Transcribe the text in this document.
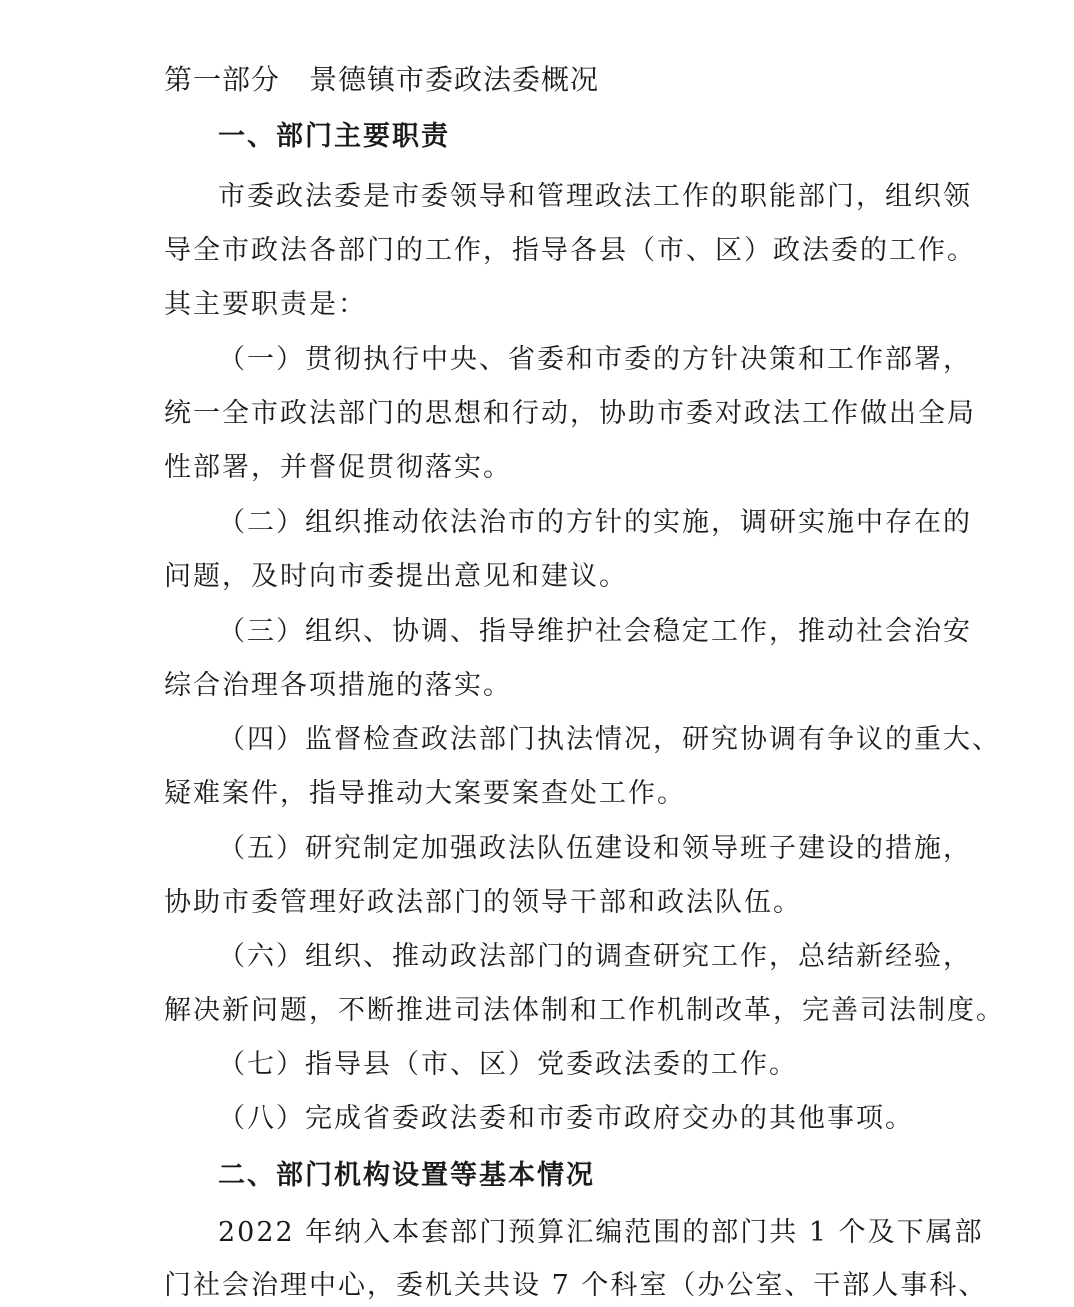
第一部分　景德镇市委政法委概况
一、部门主要职责
市委政法委是市委领导和管理政法工作的职能部门，组织领
导全市政法各部门的工作，指导各县（市、区）政法委的工作。
其主要职责是：
（一）贯彻执行中央、省委和市委的方针决策和工作部署，
统一全市政法部门的思想和行动，协助市委对政法工作做出全局
性部署，并督促贯彻落实。
（二）组织推动依法治市的方针的实施，调研实施中存在的
问题，及时向市委提出意见和建议。
（三）组织、协调、指导维护社会稳定工作，推动社会治安
综合治理各项措施的落实。
（四）监督检查政法部门执法情况，研究协调有争议的重大、
疑难案件，指导推动大案要案查处工作。
（五）研究制定加强政法队伍建设和领导班子建设的措施，
协助市委管理好政法部门的领导干部和政法队伍。
（六）组织、推动政法部门的调查研究工作，总结新经验，
解决新问题，不断推进司法体制和工作机制改革，完善司法制度。
（七）指导县（市、区）党委政法委的工作。
（八）完成省委政法委和市委市政府交办的其他事项。
二、部门机构设置等基本情况
2022 年纳入本套部门预算汇编范围的部门共 1 个及下属部
门社会治理中心，委机关共设 7 个科室（办公室、干部人事科、
